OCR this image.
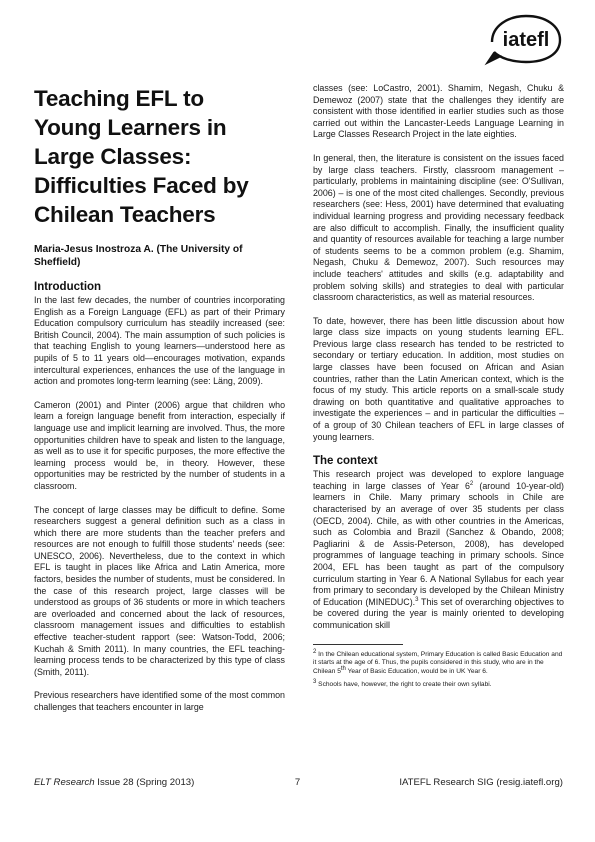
iatefl
Teaching EFL to
Young Learners in
Large Classes:
Difficulties Faced by
Chilean Teachers
Maria-Jesus Inostroza A. (The University of Sheffield)
Introduction

In the last few decades, the number of countries incorporating English as a Foreign Language (EFL) as part of their Primary Education compulsory curriculum has steadily increased (see: British Council, 2004). The main assumption of such policies is that teaching English to young learners—understood here as pupils of 5 to 11 years old—encourages motivation, expands intercultural experiences, enhances the use of the language in action and promotes long-term learning (see: Läng, 2009).

Cameron (2001) and Pinter (2006) argue that children who learn a foreign language benefit from interaction, especially if language use and implicit learning are involved. Thus, the more opportunities children have to speak and listen to the language, as well as to use it for specific purposes, the more effective the learning process would be, in theory. However, these opportunities may be restricted by the number of students in a classroom.

The concept of large classes may be difficult to define. Some researchers suggest a general definition such as a class in which there are more students than the teacher prefers and resources are not enough to fulfill those students' needs (see: UNESCO, 2006). Nevertheless, due to the context in which EFL is taught in places like Africa and Latin America, more factors, besides the number of students, must be considered. In the case of this research project, large classes will be understood as groups of 36 students or more in which teachers are overloaded and concerned about the lack of resources, classroom management issues and difficulties to establish effective teacher-student rapport (see: Watson-Todd, 2006; Kuchah & Smith 2011). In many countries, the EFL teaching-learning process tends to be characterized by this type of class (Smith, 2011).

Previous researchers have identified some of the most common challenges that teachers encounter in large

classes (see: LoCastro, 2001). Shamim, Negash, Chuku & Demewoz (2007) state that the challenges they identify are consistent with those identified in earlier studies such as those carried out within the Lancaster-Leeds Language Learning in Large Classes Research Project in the late eighties.

In general, then, the literature is consistent on the issues faced by large class teachers. Firstly, classroom management – particularly, problems in maintaining discipline (see: O'Sullivan, 2006) – is one of the most cited challenges. Secondly, previous researchers (see: Hess, 2001) have determined that evaluating individual learning progress and providing necessary feedback are also difficult to accomplish. Finally, the insufficient quality and quantity of resources available for teaching a large number of students seems to be a common problem (e.g. Shamim, Negash, Chuku & Demewoz, 2007). Such resources may include teachers' attitudes and skills (e.g. adaptability and problem solving skills) and strategies to deal with particular classroom characteristics, as well as material resources.

To date, however, there has been little discussion about how large class size impacts on young students learning EFL. Previous large class research has tended to be restricted to secondary or tertiary education. In addition, most studies on large classes have been focused on African and Asian countries, rather than the Latin American context, which is the focus of my study. This article reports on a small-scale study drawing on both quantitative and qualitative approaches to investigate the experiences – and in particular the difficulties – of a group of 30 Chilean teachers of EFL in large classes of young learners.

The context

This research project was developed to explore language teaching in large classes of Year $6^2$ (around 10-year-old) learners in Chile. Many primary schools in Chile are characterised by an average of over 35 students per class (OECD, 2004). Chile, as with other countries in the Americas, such as Colombia and Brazil (Sanchez & Obando, 2008; Pagliarini & de Assis-Peterson, 2008), has developed programmes of language teaching in primary schools. Since 2004, EFL has been taught as part of the compulsory curriculum starting in Year 6. A National Syllabus for each year from primary to secondary is developed by the Chilean Ministry of Education (MINEDUC).$^3$ This set of overarching objectives to be covered during the year is mainly oriented to developing communication skill

$^2$ In the Chilean educational system, Primary Education is called Basic Education and it starts at the age of 6. Thus, the pupils considered in this study, who are in the Chilean 5th Year of Basic Education, would be in UK Year 6.

$^3$ Schools have, however, the right to create their own syllabi.

ELT Research Issue 28 (Spring 2013)	7	IATEFL Research SIG (resig.iatefl.org)
